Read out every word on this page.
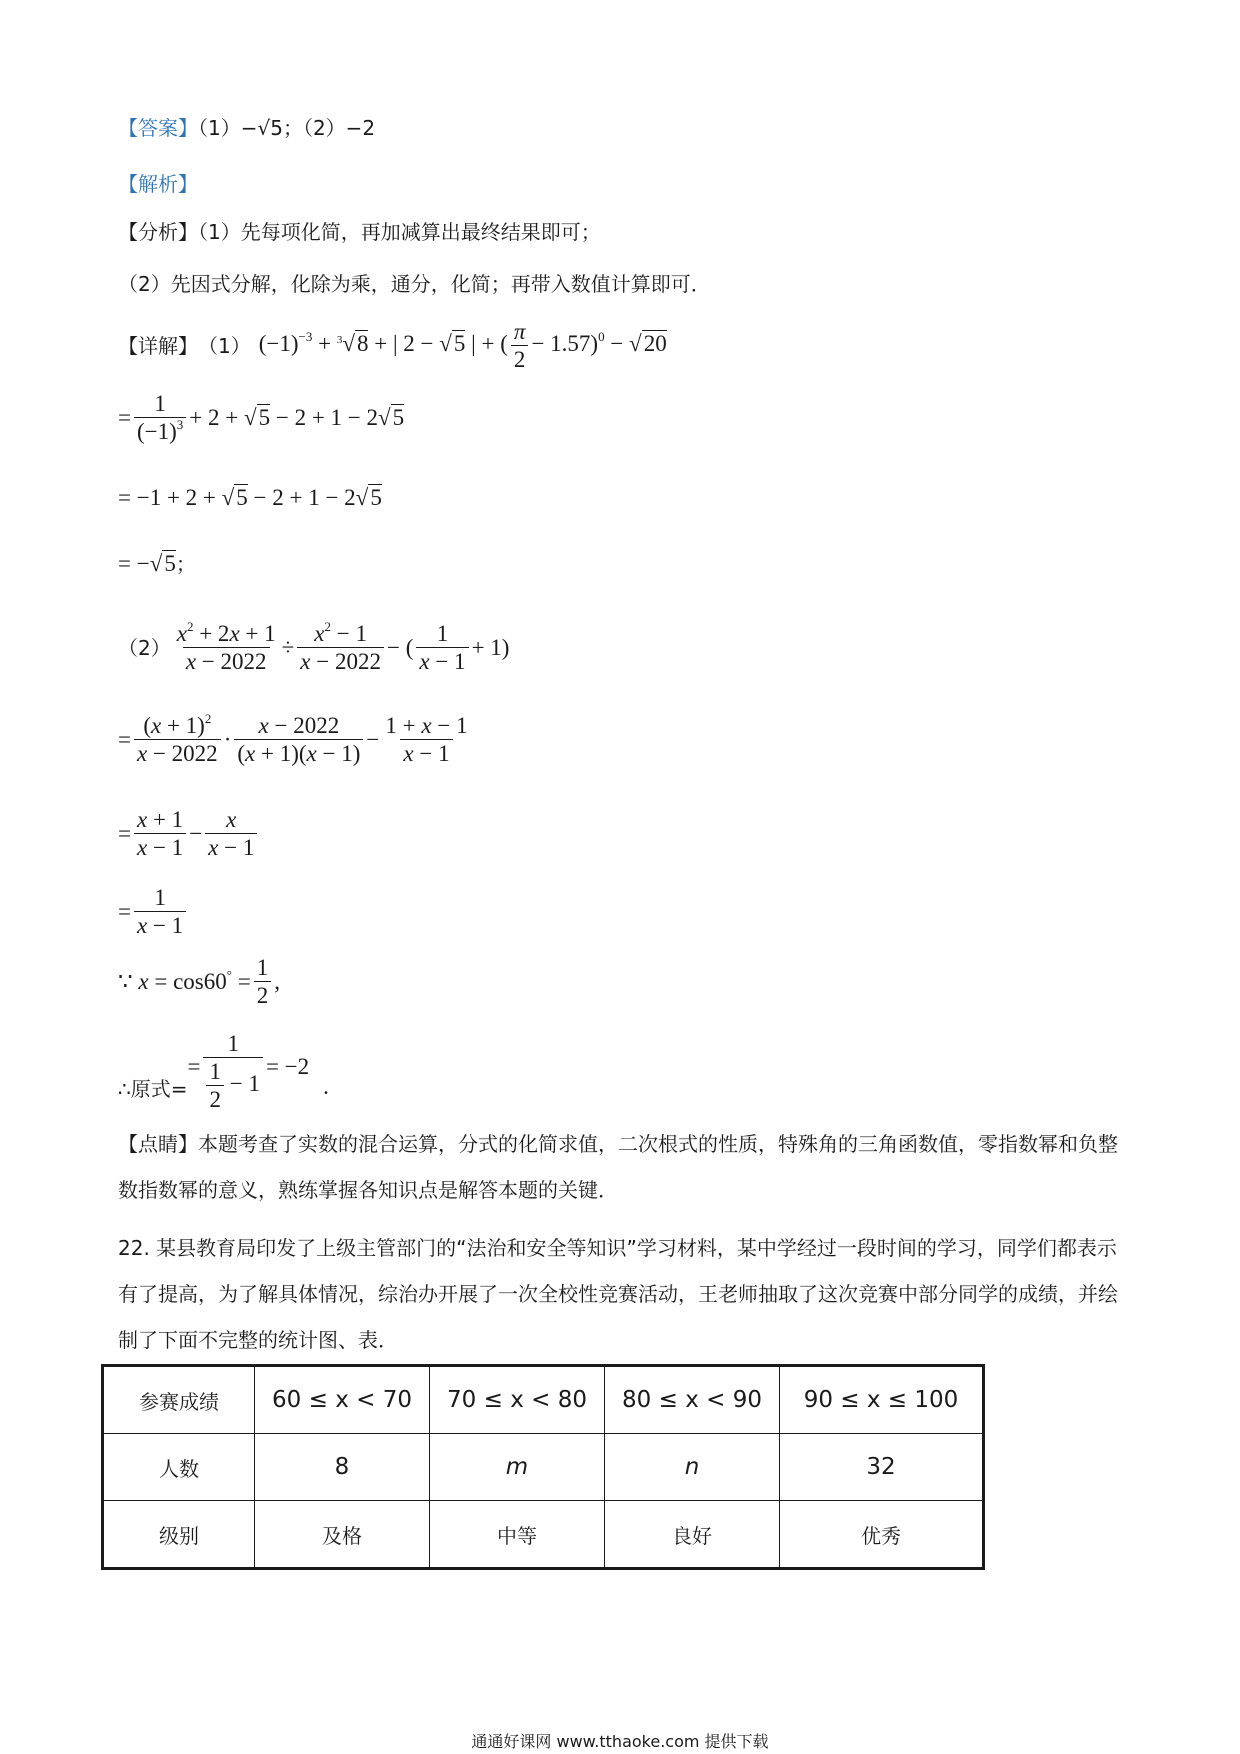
【答案】（1）−√5；（2）−2
【解析】
【分析】（1）先每项化简，再加减算出最终结果即可；
（2）先因式分解，化除为乘，通分，化简；再带入数值计算即可．
【详解】 （1） $(-1)^{-3} + ^3√8$ + | 2 − √5 | + ( $\frac{\pi}{2} - 1.57)^0 - √20$
= $\frac{1}{(-1)^3} + 2 + √5 - 2 + 1 - 2√5$
= −1 + 2 + √5 − 2 + 1 − 2√5
= −√5 ；
$(2) \frac{x^2 + 2x + 1}{x - 2022} \div \frac{x^2 - 1}{x - 2022}$ − ( $\frac{1}{x - 1} + 1$)
= $\frac{(x + 1)^2}{x - 2022} \cdot \frac{x - 2022}{(x + 1)(x - 1)} - \frac{1 + x - 1}{x - 1}$
= $\frac{x + 1}{x - 1} - \frac{x}{x - 1}$
= $\frac{1}{x - 1}$
∵ $x = \cos 60^\circ = \frac{1}{2}$ ,
∴原式=
= $\frac{1}{\frac{1}{2} - 1} = -2$
.
【点睛】本题考查了实数的混合运算，分式的化简求值，二次根式的性质，特殊角的三角函数值，零指数幂和负整数指数幂的意义，熟练掌握各知识点是解答本题的关键．
22. 某县教育局印发了上级主管部门的“法治和安全等知识”学习材料，某中学经过一段时间的学习，同学们都表示有了提高，为了解具体情况，综治办开展了一次全校性竞赛活动，王老师抽取了这次竞赛中部分同学的成绩，并绘制了下面不完整的统计图、表．
参赛成绩	60 ≤ x < 70	70 ≤ x < 80	80 ≤ x < 90	90 ≤ x ≤ 100
人数	8	m	n	32
级别	及格	中等	良好	优秀
通通好课网 www.tthaoke.com 提供下载
